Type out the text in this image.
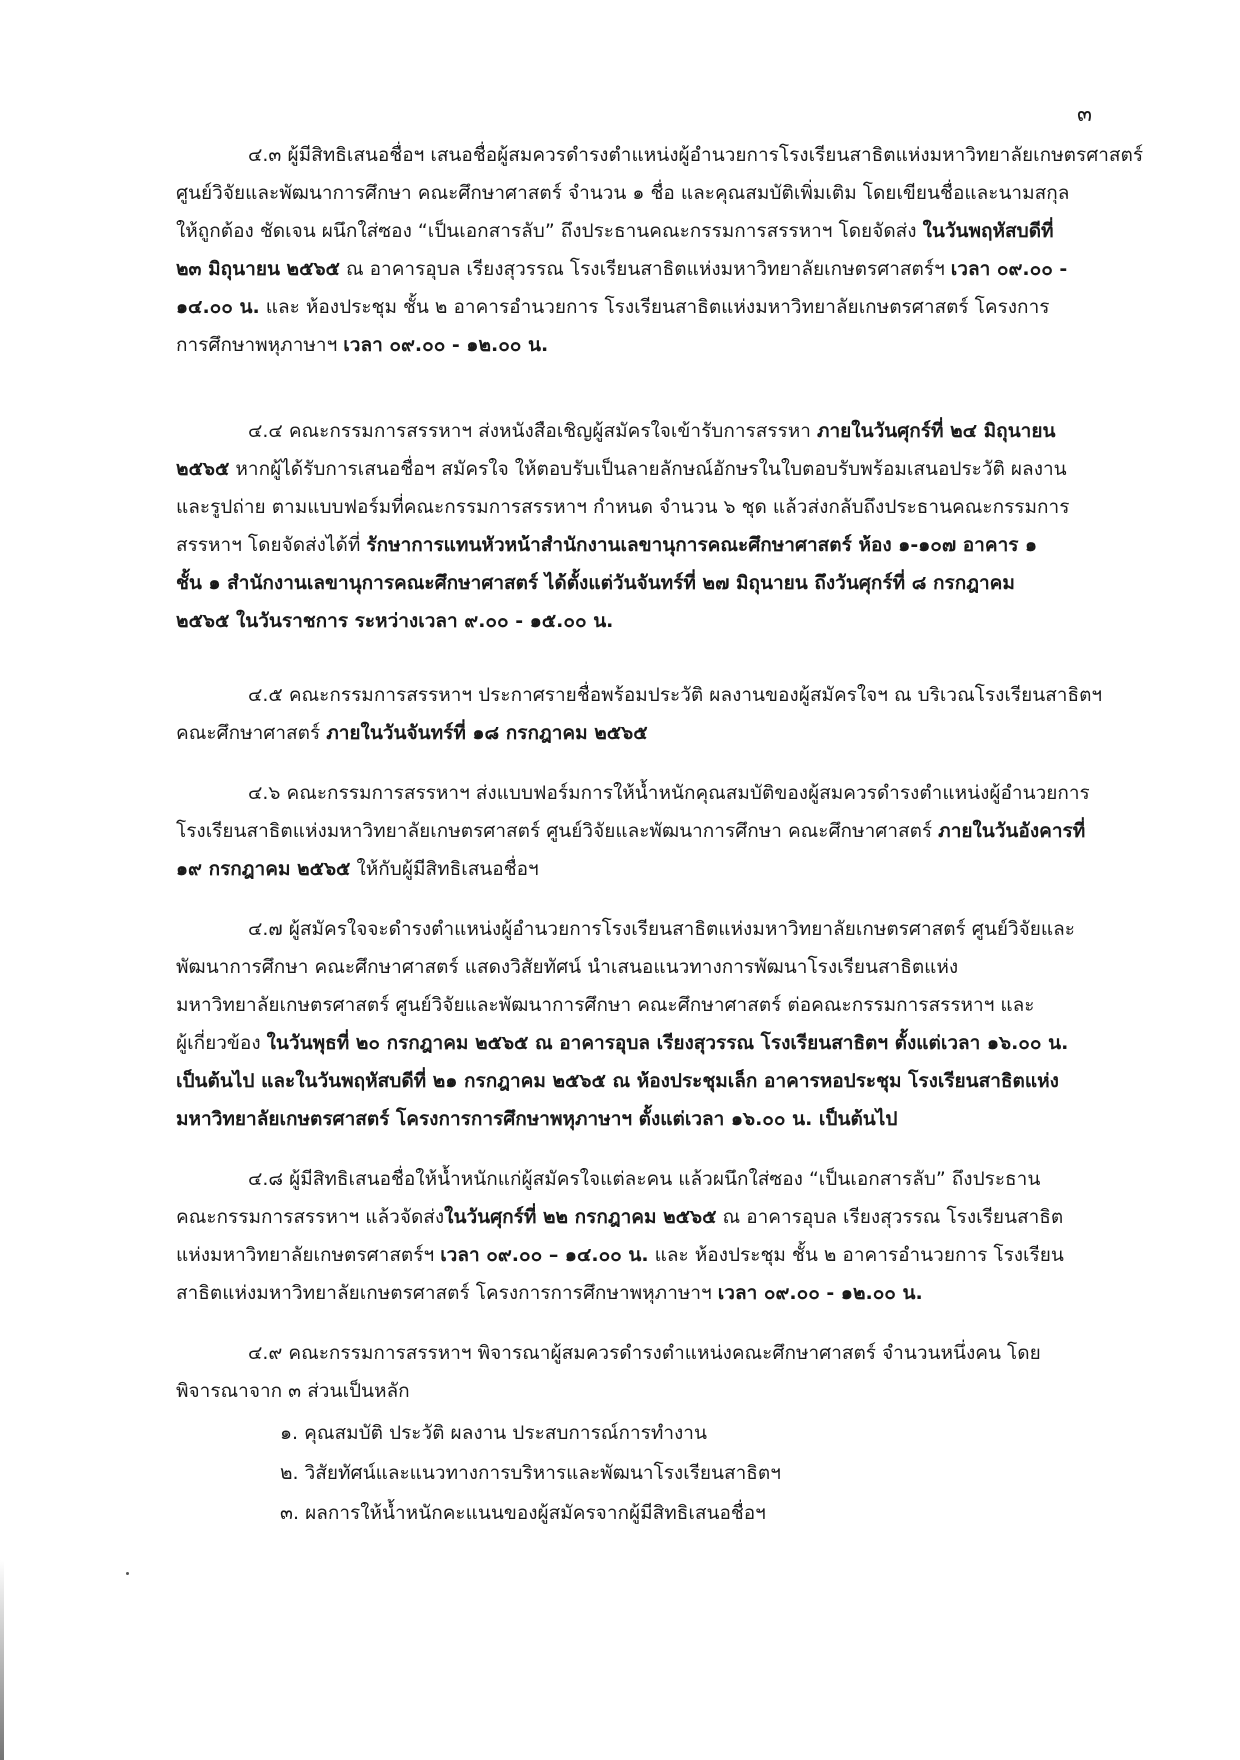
๓

๔.๓ ผู้มีสิทธิเสนอชื่อฯ เสนอชื่อผู้สมควรดำรงตำแหน่งผู้อำนวยการโรงเรียนสาธิตแห่งมหาวิทยาลัยเกษตรศาสตร์
ศูนย์วิจัยและพัฒนาการศึกษา คณะศึกษาศาสตร์ จำนวน ๑ ชื่อ และคุณสมบัติเพิ่มเติม โดยเขียนชื่อและนามสกุล
ให้ถูกต้อง ชัดเจน ผนึกใส่ซอง “เป็นเอกสารลับ” ถึงประธานคณะกรรมการสรรหาฯ โดยจัดส่ง ในวันพฤหัสบดีที่
๒๓ มิถุนายน ๒๕๖๕ ณ อาคารอุบล เรียงสุวรรณ โรงเรียนสาธิตแห่งมหาวิทยาลัยเกษตรศาสตร์ฯ เวลา ๐๙.๐๐ -
๑๔.๐๐ น. และ ห้องประชุม ชั้น ๒ อาคารอำนวยการ โรงเรียนสาธิตแห่งมหาวิทยาลัยเกษตรศาสตร์ โครงการ
การศึกษาพหุภาษาฯ เวลา ๐๙.๐๐ - ๑๒.๐๐ น.

๔.๔ คณะกรรมการสรรหาฯ ส่งหนังสือเชิญผู้สมัครใจเข้ารับการสรรหา ภายในวันศุกร์ที่ ๒๔ มิถุนายน
๒๕๖๕ หากผู้ได้รับการเสนอชื่อฯ สมัครใจ ให้ตอบรับเป็นลายลักษณ์อักษรในใบตอบรับพร้อมเสนอประวัติ ผลงาน
และรูปถ่าย ตามแบบฟอร์มที่คณะกรรมการสรรหาฯ กำหนด จำนวน ๖ ชุด แล้วส่งกลับถึงประธานคณะกรรมการ
สรรหาฯ โดยจัดส่งได้ที่ รักษาการแทนหัวหน้าสำนักงานเลขานุการคณะศึกษาศาสตร์ ห้อง ๑-๑๐๗ อาคาร ๑
ชั้น ๑ สำนักงานเลขานุการคณะศึกษาศาสตร์ ได้ตั้งแต่วันจันทร์ที่ ๒๗ มิถุนายน ถึงวันศุกร์ที่ ๘ กรกฎาคม
๒๕๖๕ ในวันราชการ ระหว่างเวลา ๙.๐๐ - ๑๕.๐๐ น.

๔.๕ คณะกรรมการสรรหาฯ ประกาศรายชื่อพร้อมประวัติ ผลงานของผู้สมัครใจฯ ณ บริเวณโรงเรียนสาธิตฯ
คณะศึกษาศาสตร์ ภายในวันจันทร์ที่ ๑๘ กรกฎาคม ๒๕๖๕

๔.๖ คณะกรรมการสรรหาฯ ส่งแบบฟอร์มการให้น้ำหนักคุณสมบัติของผู้สมควรดำรงตำแหน่งผู้อำนวยการ
โรงเรียนสาธิตแห่งมหาวิทยาลัยเกษตรศาสตร์ ศูนย์วิจัยและพัฒนาการศึกษา คณะศึกษาศาสตร์ ภายในวันอังคารที่
๑๙ กรกฎาคม ๒๕๖๕ ให้กับผู้มีสิทธิเสนอชื่อฯ

๔.๗ ผู้สมัครใจจะดำรงตำแหน่งผู้อำนวยการโรงเรียนสาธิตแห่งมหาวิทยาลัยเกษตรศาสตร์ ศูนย์วิจัยและ
พัฒนาการศึกษา คณะศึกษาศาสตร์ แสดงวิสัยทัศน์ นำเสนอแนวทางการพัฒนาโรงเรียนสาธิตแห่ง
มหาวิทยาลัยเกษตรศาสตร์ ศูนย์วิจัยและพัฒนาการศึกษา คณะศึกษาศาสตร์ ต่อคณะกรรมการสรรหาฯ และ
ผู้เกี่ยวข้อง ในวันพุธที่ ๒๐ กรกฎาคม ๒๕๖๕ ณ อาคารอุบล เรียงสุวรรณ โรงเรียนสาธิตฯ ตั้งแต่เวลา ๑๖.๐๐ น.
เป็นต้นไป และในวันพฤหัสบดีที่ ๒๑ กรกฎาคม ๒๕๖๕ ณ ห้องประชุมเล็ก อาคารหอประชุม โรงเรียนสาธิตแห่ง
มหาวิทยาลัยเกษตรศาสตร์ โครงการการศึกษาพหุภาษาฯ ตั้งแต่เวลา ๑๖.๐๐ น. เป็นต้นไป

๔.๘ ผู้มีสิทธิเสนอชื่อให้น้ำหนักแก่ผู้สมัครใจแต่ละคน แล้วผนึกใส่ซอง “เป็นเอกสารลับ” ถึงประธาน
คณะกรรมการสรรหาฯ แล้วจัดส่งในวันศุกร์ที่ ๒๒ กรกฎาคม ๒๕๖๕ ณ อาคารอุบล เรียงสุวรรณ โรงเรียนสาธิต
แห่งมหาวิทยาลัยเกษตรศาสตร์ฯ เวลา ๐๙.๐๐ – ๑๔.๐๐ น. และ ห้องประชุม ชั้น ๒ อาคารอำนวยการ โรงเรียน
สาธิตแห่งมหาวิทยาลัยเกษตรศาสตร์ โครงการการศึกษาพหุภาษาฯ เวลา ๐๙.๐๐ - ๑๒.๐๐ น.

๔.๙ คณะกรรมการสรรหาฯ พิจารณาผู้สมควรดำรงตำแหน่งคณะศึกษาศาสตร์ จำนวนหนึ่งคน โดย
พิจารณาจาก ๓ ส่วนเป็นหลัก

๑. คุณสมบัติ ประวัติ ผลงาน ประสบการณ์การทำงาน
๒. วิสัยทัศน์และแนวทางการบริหารและพัฒนาโรงเรียนสาธิตฯ
๓. ผลการให้น้ำหนักคะแนนของผู้สมัครจากผู้มีสิทธิเสนอชื่อฯ
